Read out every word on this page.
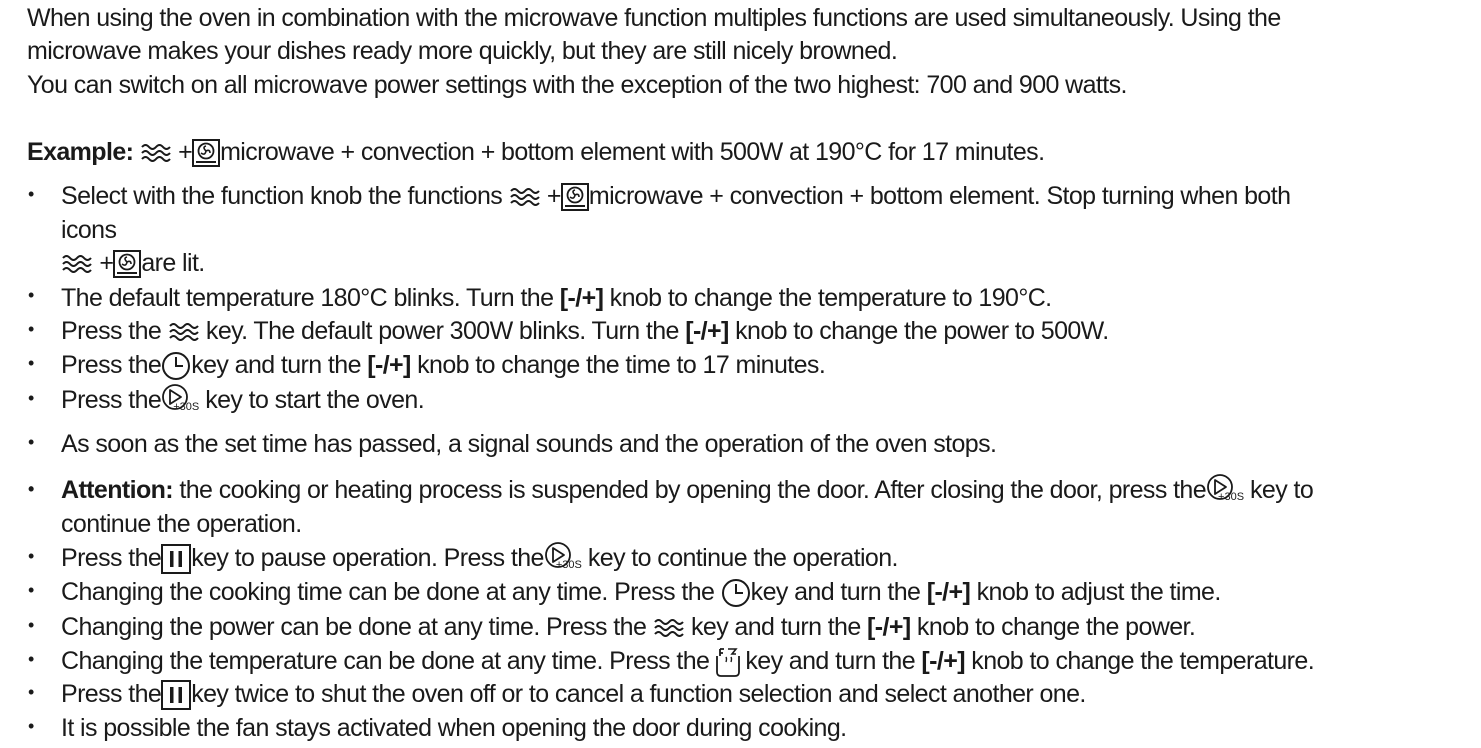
When using the oven in combination with the microwave function multiples functions are used simultaneously. Using the
microwave makes your dishes ready more quickly, but they are still nicely browned.
You can switch on all microwave power settings with the exception of the two highest: 700 and 900 watts.
Example: + microwave + convection + bottom element with 500W at 190°C for 17 minutes.
• Select with the function knob the functions + microwave + convection + bottom element. Stop turning when both
icons
+ are lit.
• The default temperature 180°C blinks. Turn the [-/+] knob to change the temperature to 190°C.
• Press the key. The default power 300W blinks. Turn the [-/+] knob to change the power to 500W.
• Press the key and turn the [-/+] knob to change the time to 17 minutes.
• Press the +30S key to start the oven.
• As soon as the set time has passed, a signal sounds and the operation of the oven stops.
• Attention: the cooking or heating process is suspended by opening the door. After closing the door, press the +30S key to
continue the operation.
• Press the key to pause operation. Press the +30S key to continue the operation.
• Changing the cooking time can be done at any time. Press the key and turn the [-/+] knob to adjust the time.
• Changing the power can be done at any time. Press the key and turn the [-/+] knob to change the power.
• Changing the temperature can be done at any time. Press the key and turn the [-/+] knob to change the temperature.
• Press the key twice to shut the oven off or to cancel a function selection and select another one.
• It is possible the fan stays activated when opening the door during cooking.
